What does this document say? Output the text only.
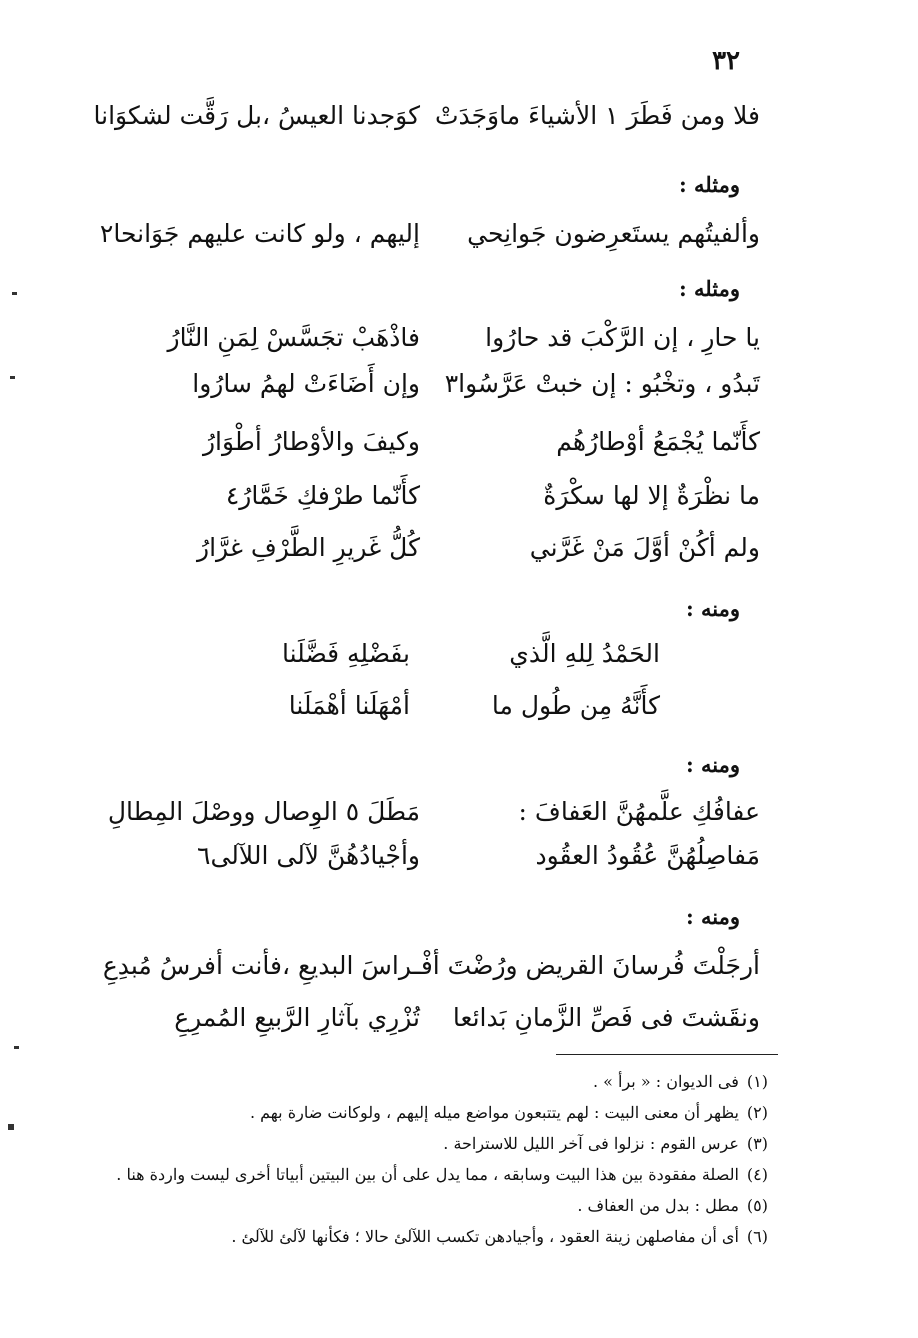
٣٢
فلا ومن فَطَرَ ١ الأشياءَ ماوَجَدَتْ
كوَجدنا العيسُ ،بل رَقَّت لشكوَانا
ومثله :
وألفيتُهم يستَعرِضون جَوانِحي
إليهم ، ولو كانت عليهم جَوَانحا٢
ومثله :
يا حارِ ، إن الرَّكْبَ قد حارُوا
فاذْهَبْ تجَسَّسْ لِمَنِ النَّارُ
تَبدُو ، وتخْبُو : إن خبتْ عَرَّسُوا٣
وإن أَضَاءَتْ لهمُ سارُوا
كأَنّما يُجْمَعُ أوْطارُهُم
وكيفَ والأوْطارُ أطْوَارُ
ما نظْرَةٌ إلا لها سكْرَةٌ
كأَنّما طرْفكِ خَمَّارُ٤
ولم أكُنْ أوَّلَ مَنْ غَرَّني
كُلُّ غَريرِ الطَّرْفِ غرَّارُ
ومنه :
الحَمْدُ لِلهِ الَّذي
بفَضْلِهِ فَضَّلَنا
كأَنَّهُ مِن طُول ما
أمْهَلَنا أهْمَلَنا
ومنه :
عفافُكِ علَّمهُنَّ العَفافَ :
مَطَلَ ٥ الوِصال ووصْلَ المِطالِ
مَفاصِلُهُنَّ عُقُودُ العقُود
وأجْيادُهُنَّ لآلى اللآلى٦
ومنه :
أرجَلْتَ فُرسانَ القريض ورُضْتَ أفْـ
ـراسَ البديعِ ،فأنت أفرسُ مُبدِعِ
ونقَشتَ فى فَصِّ الزَّمانِ بَدائعا
تُزْرِي بآثارِ الرَّبيعِ المُمرِعِ
(١)فى الديوان : « برأ » .
(٢)يظهر أن معنى البيت : لهم يتتبعون مواضع ميله إليهم ، ولوكانت ضارة بهم .
(٣)عرس القوم : نزلوا فى آخر الليل للاستراحة .
(٤)الصلة مفقودة بين هذا البيت وسابقه ، مما يدل على أن بين البيتين أبياتا أخرى ليست واردة هنا .
(٥)مطل : بدل من العفاف .
(٦)أى أن مفاصلهن زينة العقود ، وأجيادهن تكسب اللآلئ حالا ؛ فكأنها لآلئ للآلئ .
